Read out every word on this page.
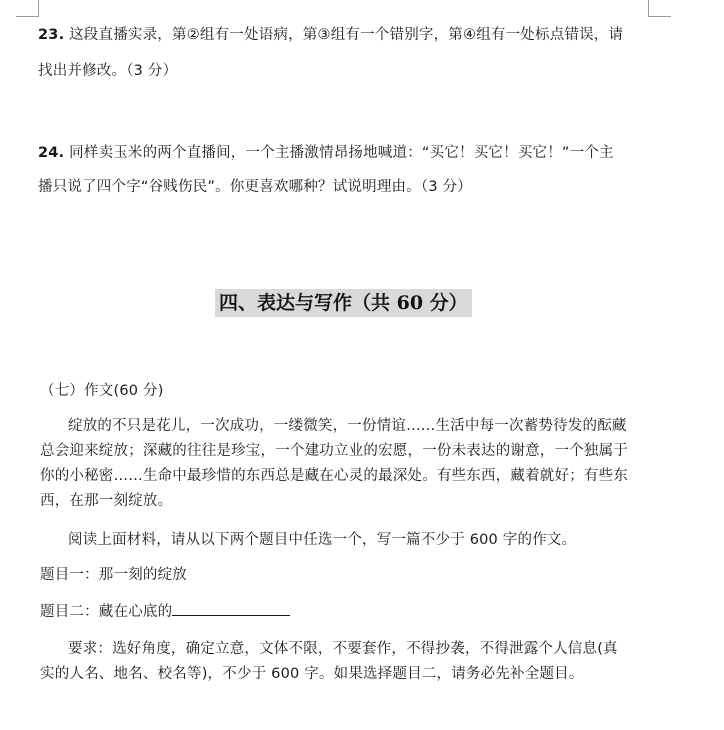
23. 这段直播实录，第②组有一处语病，第③组有一个错别字，第④组有一处标点错误，请
找出并修改。（3 分）
24. 同样卖玉米的两个直播间，一个主播激情昂扬地喊道：“买它！买它！买它！”一个主
播只说了四个字“谷贱伤民”。你更喜欢哪种？试说明理由。（3 分）
四、表达与写作（共 60 分）
（七）作文(60 分)
绽放的不只是花儿，一次成功，一缕微笑，一份情谊……生活中每一次蓄势待发的酝藏
总会迎来绽放；深藏的往往是珍宝，一个建功立业的宏愿，一份未表达的谢意，一个独属于
你的小秘密……生命中最珍惜的东西总是藏在心灵的最深处。有些东西，藏着就好；有些东
西，在那一刻绽放。
阅读上面材料，请从以下两个题目中任选一个，写一篇不少于 600 字的作文。
题目一：那一刻的绽放
题目二：藏在心底的
要求：选好角度，确定立意，文体不限，不要套作，不得抄袭，不得泄露个人信息(真
实的人名、地名、校名等)，不少于 600 字。如果选择题目二，请务必先补全题目。
